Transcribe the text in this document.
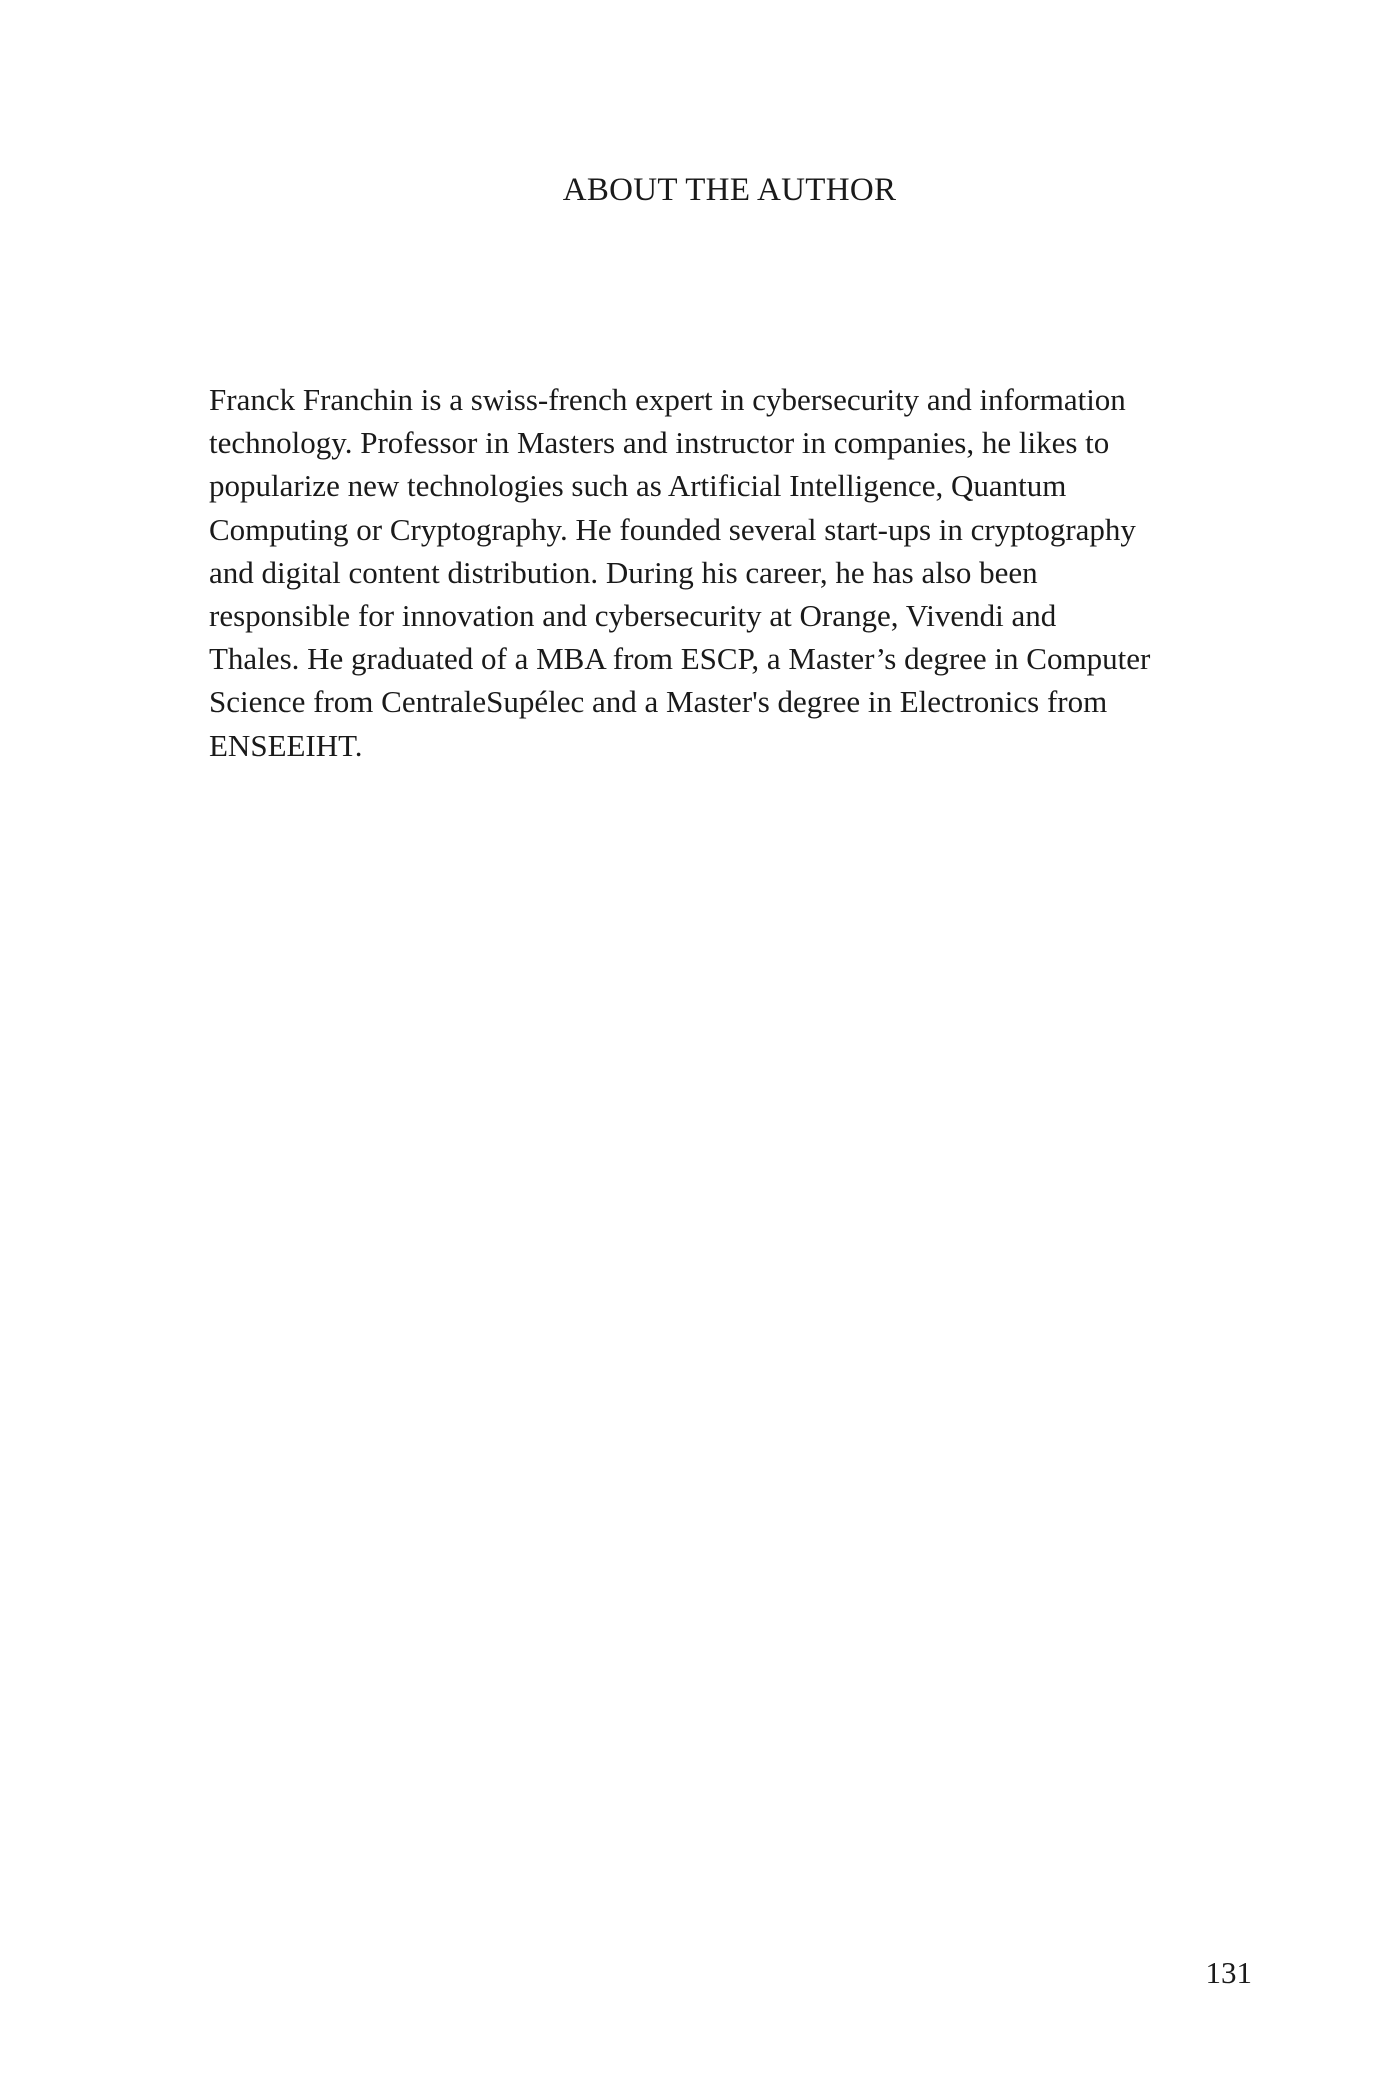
ABOUT THE AUTHOR

Franck Franchin is a swiss-french expert in cybersecurity and information
technology. Professor in Masters and instructor in companies, he likes to
popularize new technologies such as Artificial Intelligence, Quantum
Computing or Cryptography. He founded several start-ups in cryptography
and digital content distribution. During his career, he has also been
responsible for innovation and cybersecurity at Orange, Vivendi and
Thales. He graduated of a MBA from ESCP, a Master’s degree in Computer
Science from CentraleSupélec and a Master's degree in Electronics from
ENSEEIHT.

131
